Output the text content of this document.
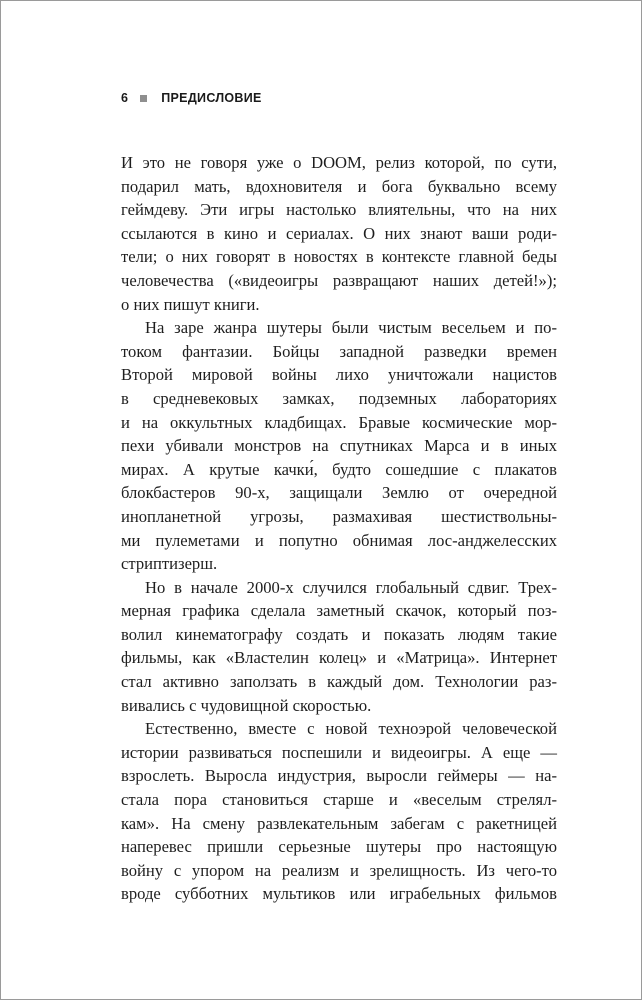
6	ПРЕДИСЛОВИЕ
И это не говоря уже о DOOM, релиз которой, по сути,
подарил мать, вдохновителя и бога буквально всему
геймдеву. Эти игры настолько влиятельны, что на них
ссылаются в кино и сериалах. О них знают ваши роди-
тели; о них говорят в новостях в контексте главной беды
человечества («видеоигры развращают наших детей!»);
о них пишут книги.
На заре жанра шутеры были чистым весельем и по-
током фантазии. Бойцы западной разведки времен
Второй мировой войны лихо уничтожали нацистов
в средневековых замках, подземных лабораториях
и на оккультных кладбищах. Бравые космические мор-
пехи убивали монстров на спутниках Марса и в иных
мирах. А крутые качки́, будто сошедшие с плакатов
блокбастеров 90-х, защищали Землю от очередной
инопланетной угрозы, размахивая шестиствольны-
ми пулеметами и попутно обнимая лос-анджелесских
стриптизерш.
Но в начале 2000-х случился глобальный сдвиг. Трех-
мерная графика сделала заметный скачок, который поз-
волил кинематографу создать и показать людям такие
фильмы, как «Властелин колец» и «Матрица». Интернет
стал активно заползать в каждый дом. Технологии раз-
вивались с чудовищной скоростью.
Естественно, вместе с новой техноэрой человеческой
истории развиваться поспешили и видеоигры. А еще —
взрослеть. Выросла индустрия, выросли геймеры — на-
стала пора становиться старше и «веселым стрелял-
кам». На смену развлекательным забегам с ракетницей
наперевес пришли серьезные шутеры про настоящую
войну с упором на реализм и зрелищность. Из чего-то
вроде субботних мультиков или играбельных фильмов
